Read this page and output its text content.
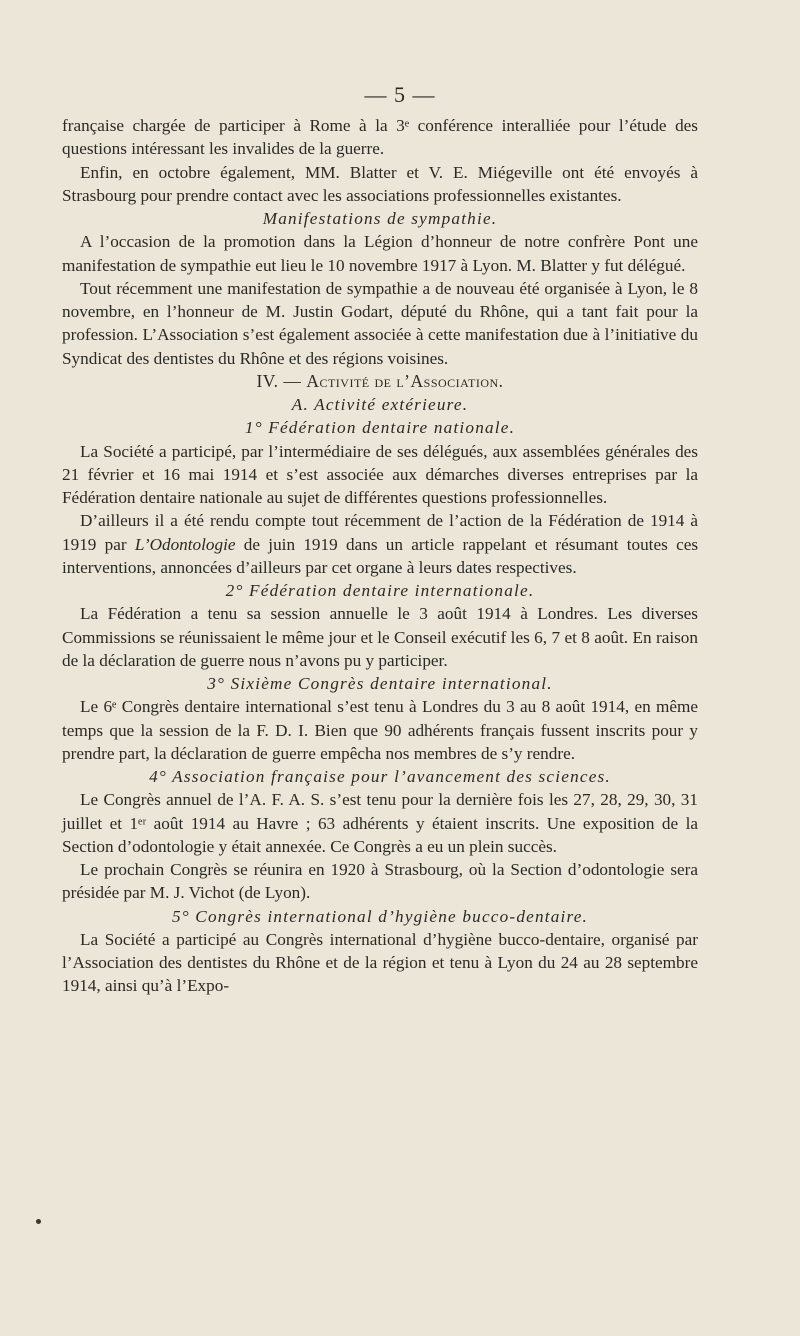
— 5 —

française chargée de participer à Rome à la 3ᵉ conférence interalliée pour l’étude des questions intéressant les invalides de la guerre.

Enfin, en octobre également, MM. Blatter et V. E. Miégeville ont été envoyés à Strasbourg pour prendre contact avec les associations professionnelles existantes.

Manifestations de sympathie.

A l’occasion de la promotion dans la Légion d’honneur de notre confrère Pont une manifestation de sympathie eut lieu le 10 novembre 1917 à Lyon. M. Blatter y fut délégué.

Tout récemment une manifestation de sympathie a de nouveau été organisée à Lyon, le 8 novembre, en l’honneur de M. Justin Godart, député du Rhône, qui a tant fait pour la profession. L’Association s’est également associée à cette manifestation due à l’initiative du Syndicat des dentistes du Rhône et des régions voisines.

IV. — Activité de l’Association.

A. Activité extérieure.

1° Fédération dentaire nationale.

La Société a participé, par l’intermédiaire de ses délégués, aux assemblées générales des 21 février et 16 mai 1914 et s’est associée aux démarches diverses entreprises par la Fédération dentaire nationale au sujet de différentes questions professionnelles.

D’ailleurs il a été rendu compte tout récemment de l’action de la Fédération de 1914 à 1919 par L’Odontologie de juin 1919 dans un article rappelant et résumant toutes ces interventions, annoncées d’ailleurs par cet organe à leurs dates respectives.

2° Fédération dentaire internationale.

La Fédération a tenu sa session annuelle le 3 août 1914 à Londres. Les diverses Commissions se réunissaient le même jour et le Conseil exécutif les 6, 7 et 8 août. En raison de la déclaration de guerre nous n’avons pu y participer.

3° Sixième Congrès dentaire international.

Le 6ᵉ Congrès dentaire international s’est tenu à Londres du 3 au 8 août 1914, en même temps que la session de la F. D. I. Bien que 90 adhérents français fussent inscrits pour y prendre part, la déclaration de guerre empêcha nos membres de s’y rendre.

4° Association française pour l’avancement des sciences.

Le Congrès annuel de l’A. F. A. S. s’est tenu pour la dernière fois les 27, 28, 29, 30, 31 juillet et 1ᵉʳ août 1914 au Havre ; 63 adhérents y étaient inscrits. Une exposition de la Section d’odontologie y était annexée. Ce Congrès a eu un plein succès.

Le prochain Congrès se réunira en 1920 à Strasbourg, où la Section d’odontologie sera présidée par M. J. Vichot (de Lyon).

5° Congrès international d’hygiène bucco-dentaire.

La Société a participé au Congrès international d’hygiène bucco-dentaire, organisé par l’Association des dentistes du Rhône et de la région et tenu à Lyon du 24 au 28 septembre 1914, ainsi qu’à l’Expo-
